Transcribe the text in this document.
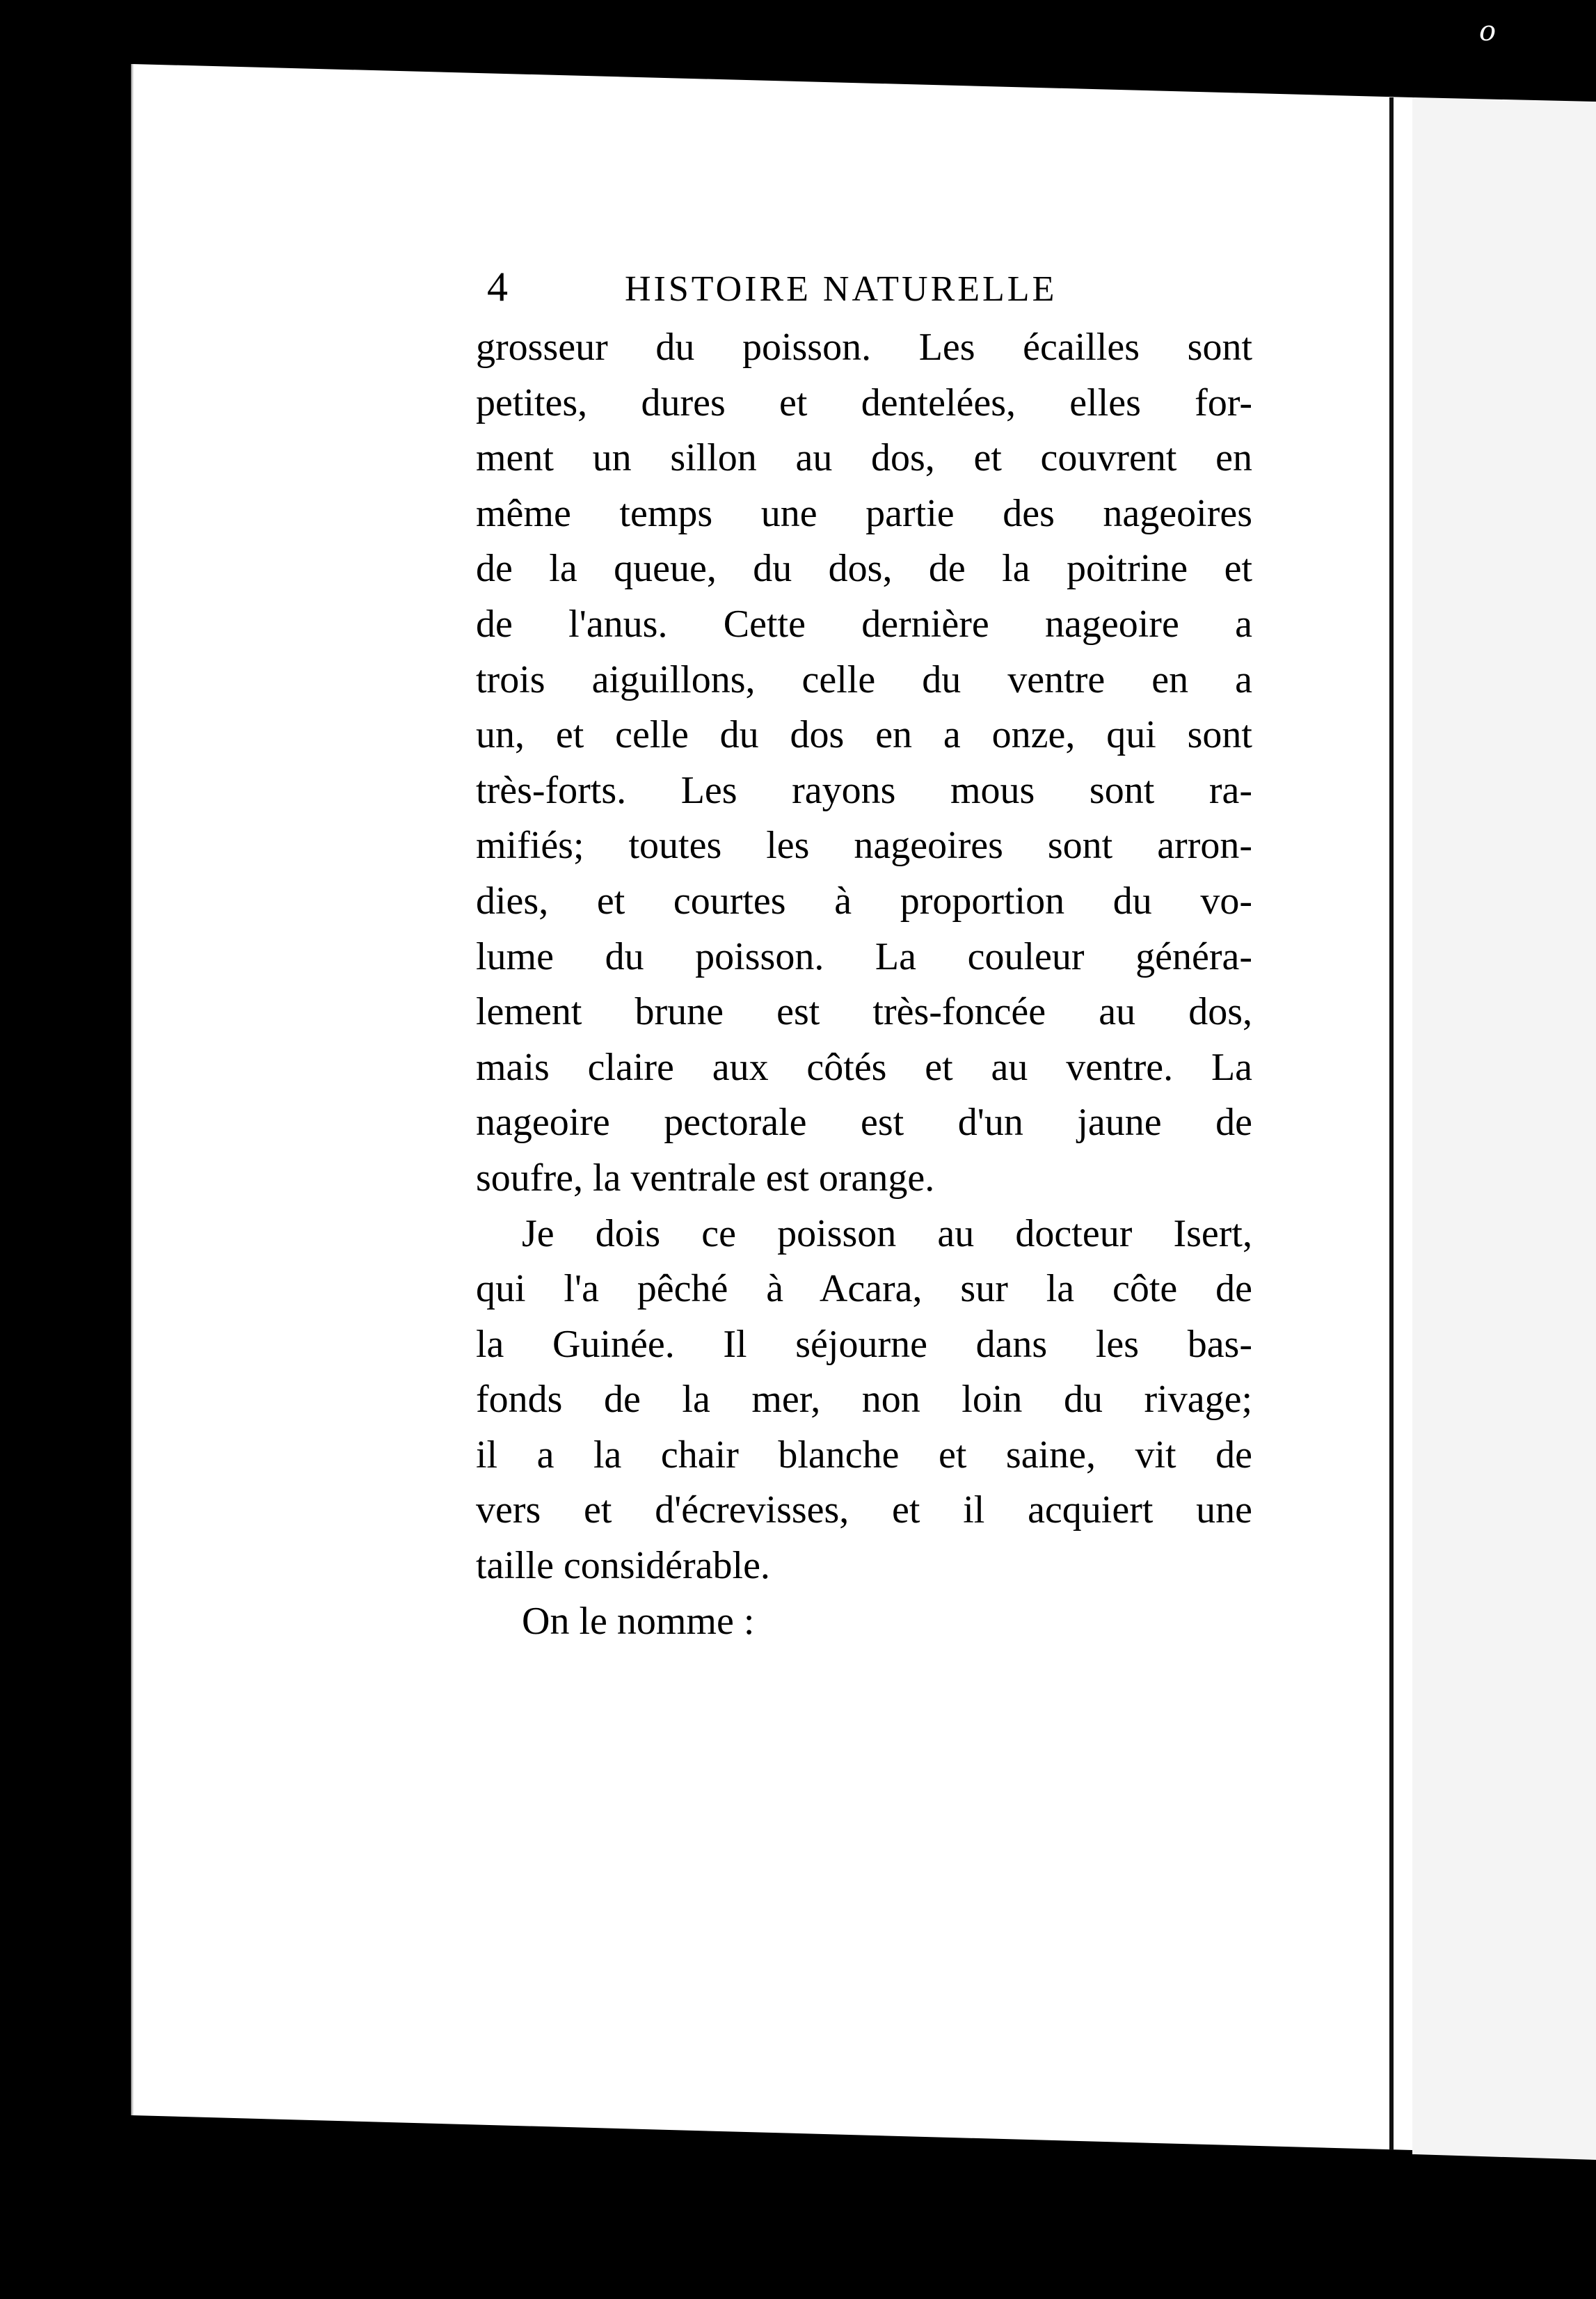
o
4	HISTOIRE NATURELLE
grosseur du poisson. Les écailles sont
petites, dures et dentelées, elles for-
ment un sillon au dos, et couvrent en
même temps une partie des nageoires
de la queue, du dos, de la poitrine et
de l'anus. Cette dernière nageoire a
trois aiguillons, celle du ventre en a
un, et celle du dos en a onze, qui sont
très-forts. Les rayons mous sont ra-
mifiés; toutes les nageoires sont arron-
dies, et courtes à proportion du vo-
lume du poisson. La couleur généra-
lement brune est très-foncée au dos,
mais claire aux côtés et au ventre. La
nageoire pectorale est d'un jaune de
soufre, la ventrale est orange.
Je dois ce poisson au docteur Isert,
qui l'a pêché à Acara, sur la côte de
la Guinée. Il séjourne dans les bas-
fonds de la mer, non loin du rivage;
il a la chair blanche et saine, vit de
vers et d'écrevisses, et il acquiert une
taille considérable.
On le nomme :
